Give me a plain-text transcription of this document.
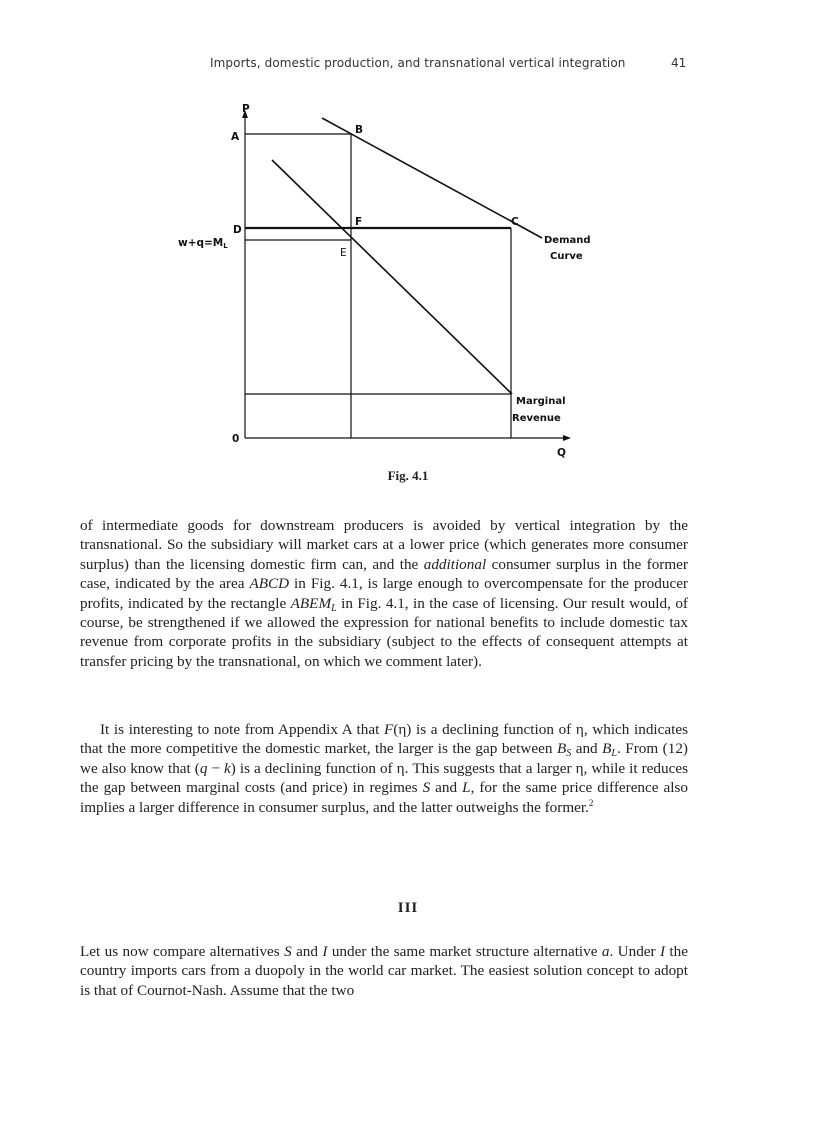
Imports, domestic production, and transnational vertical integration	41
P
A
B
D
F	C
w+q=ML
0
Q
Demand
Curve
Marginal
Revenue
E
Fig. 4.1

of intermediate goods for downstream producers is avoided by vertical integration by the transnational. So the subsidiary will market cars at a lower price (which generates more consumer surplus) than the licensing domestic firm can, and the additional consumer surplus in the former case, indicated by the area ABCD in Fig. 4.1, is large enough to overcompensate for the producer profits, indicated by the rectangle $ABEM_L$ in Fig. 4.1, in the case of licensing. Our result would, of course, be strengthened if we allowed the expression for national benefits to include domestic tax revenue from corporate profits in the subsidiary (subject to the effects of consequent attempts at transfer pricing by the transnational, on which we comment later).

It is interesting to note from Appendix A that F(η) is a declining function of η, which indicates that the more competitive the domestic market, the larger is the gap between $B_S$ and $B_L$. From (12) we also know that (q − k) is a declining function of η. This suggests that a larger η, while it reduces the gap between marginal costs (and price) in regimes S and L, for the same price difference also implies a larger difference in consumer surplus, and the latter outweighs the former.$^2$

III

Let us now compare alternatives S and I under the same market structure alternative a. Under I the country imports cars from a duopoly in the world car market. The easiest solution concept to adopt is that of Cournot-Nash. Assume that the two
